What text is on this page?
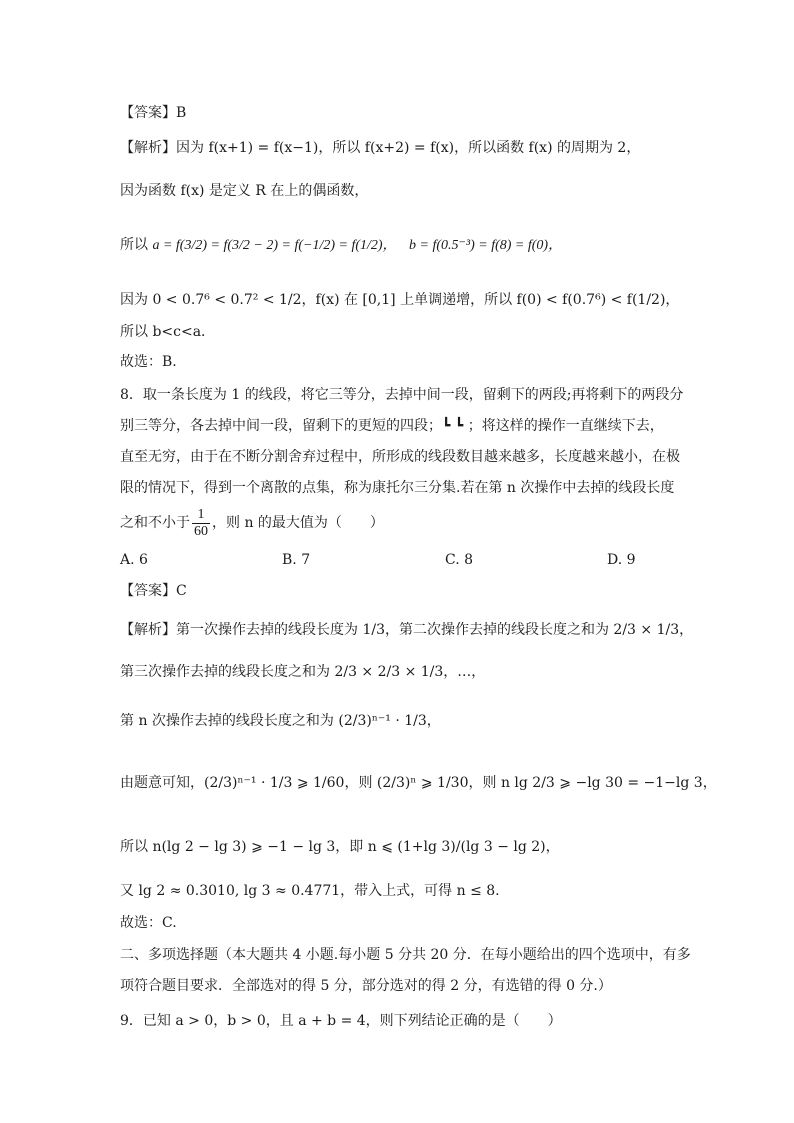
【答案】B
【解析】因为 f(x+1) = f(x−1)，所以 f(x+2) = f(x)，所以函数 f(x) 的周期为 2，
因为函数 f(x) 是定义 R 在上的偶函数，
所以 a = f(3/2) = f(3/2 − 2) = f(−1/2) = f(1/2)， b = f(0.5⁻³) = f(8) = f(0)，
因为 0 < 0.7⁶ < 0.7² < 1/2，f(x) 在 [0,1] 上单调递增，所以 f(0) < f(0.7⁶) < f(1/2)，
所以 b<c<a．
故选：B.
8．取一条长度为 1 的线段，将它三等分，去掉中间一段，留剩下的两段;再将剩下的两段分
别三等分，各去掉中间一段，留剩下的更短的四段；┗ ┗ ；将这样的操作一直继续下去，
直至无穷，由于在不断分割舍弃过程中，所形成的线段数目越来越多，长度越来越小，在极
限的情况下，得到一个离散的点集，称为康托尔三分集.若在第 n 次操作中去掉的线段长度
之和不小于 $\frac{1}{60}$ ，则 n 的最大值为（　　）
A. 6	B. 7	C. 8	D. 9
【答案】C
【解析】第一次操作去掉的线段长度为 1/3，第二次操作去掉的线段长度之和为 2/3 × 1/3，
第三次操作去掉的线段长度之和为 2/3 × 2/3 × 1/3，…，
第 n 次操作去掉的线段长度之和为 (2/3)ⁿ⁻¹ · 1/3，
由题意可知，(2/3)ⁿ⁻¹ · 1/3 ⩾ 1/60，则 (2/3)ⁿ ⩾ 1/30，则 n lg 2/3 ⩾ −lg 30 = −1−lg 3，
所以 n(lg 2 − lg 3) ⩾ −1 − lg 3，即 n ⩽ (1+lg 3)/(lg 3 − lg 2)，
又 lg 2 ≈ 0.3010, lg 3 ≈ 0.4771，带入上式，可得 n ≤ 8.
故选：C.
二、多项选择题（本大题共 4 小题.每小题 5 分共 20 分．在每小题给出的四个选项中，有多
项符合题目要求．全部选对的得 5 分，部分选对的得 2 分，有选错的得 0 分.）
9．已知 a > 0，b > 0，且 a + b = 4，则下列结论正确的是（　　）
